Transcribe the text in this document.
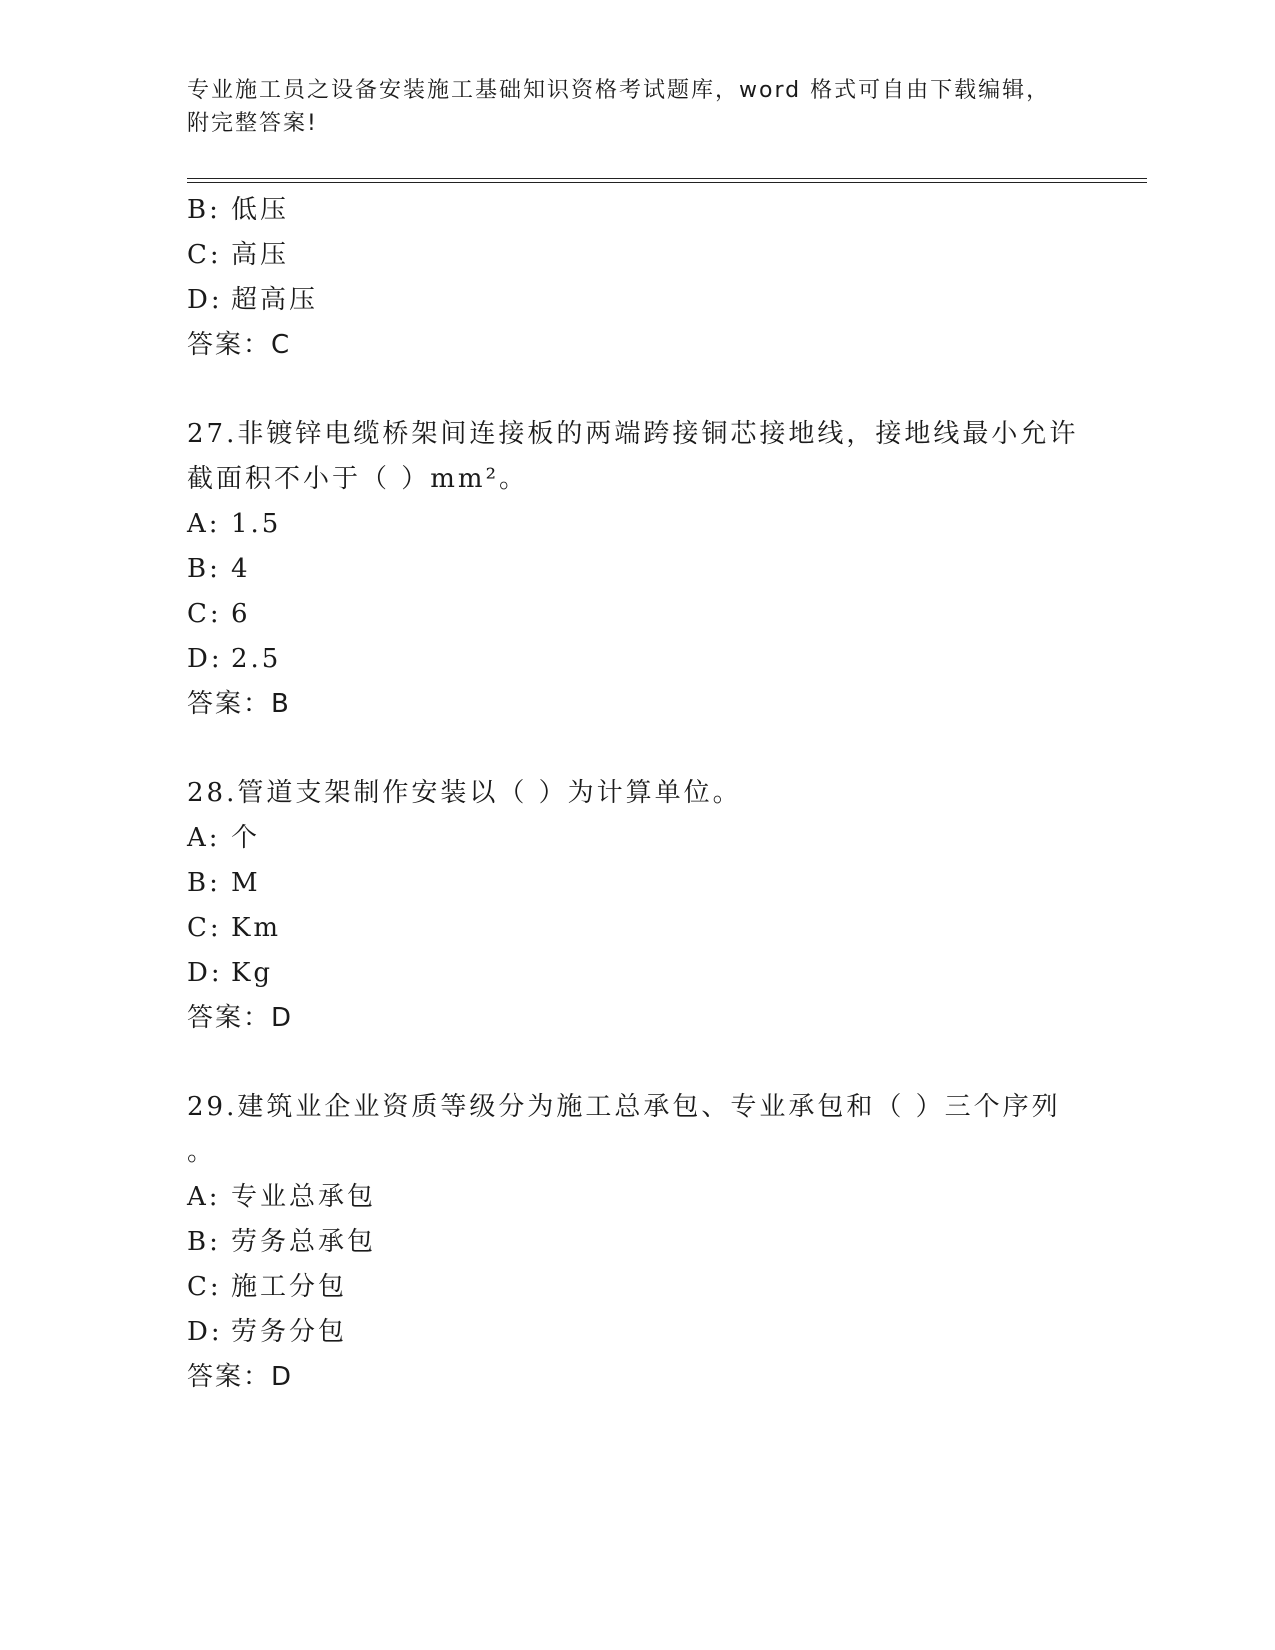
专业施工员之设备安装施工基础知识资格考试题库，word 格式可自由下载编辑，
附完整答案!
B: 低压
C: 高压
D: 超高压
答案：C
27.非镀锌电缆桥架间连接板的两端跨接铜芯接地线，接地线最小允许
截面积不小于（ ）mm²。
A: 1.5
B: 4
C: 6
D: 2.5
答案：B
28.管道支架制作安装以（ ）为计算单位。
A: 个
B: M
C: Km
D: Kg
答案：D
29.建筑业企业资质等级分为施工总承包、专业承包和（ ）三个序列
。
A: 专业总承包
B: 劳务总承包
C: 施工分包
D: 劳务分包
答案：D
